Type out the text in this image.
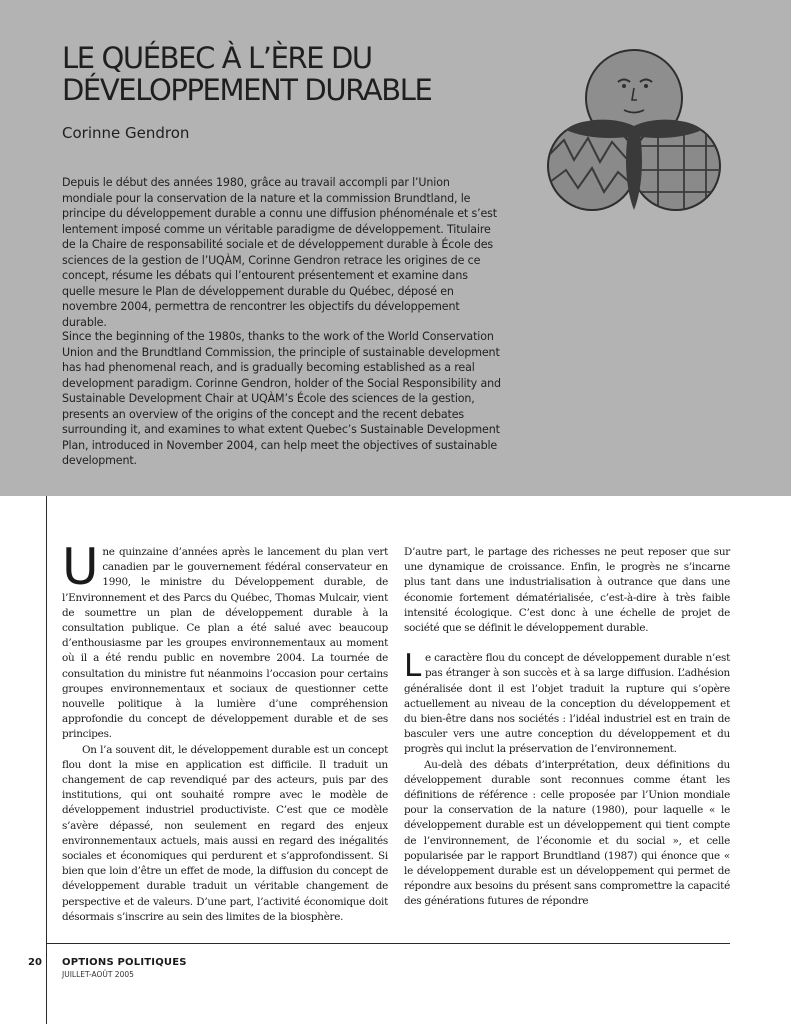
LE QUÉBEC À L’ÈRE DU
DÉVELOPPEMENT DURABLE
Corinne Gendron

Depuis le début des années 1980, grâce au travail accompli par l’Union mondiale pour la conservation de la nature et la commission Brundtland, le principe du développement durable a connu une diffusion phénoménale et s’est lentement imposé comme un véritable paradigme de développement. Titulaire de la Chaire de responsabilité sociale et de développement durable à École des sciences de la gestion de l’UQÀM, Corinne Gendron retrace les origines de ce concept, résume les débats qui l’entourent présentement et examine dans quelle mesure le Plan de développement durable du Québec, déposé en novembre 2004, permettra de rencontrer les objectifs du développement durable.

Since the beginning of the 1980s, thanks to the work of the World Conservation Union and the Brundtland Commission, the principle of sustainable development has had phenomenal reach, and is gradually becoming established as a real development paradigm. Corinne Gendron, holder of the Social Responsibility and Sustainable Development Chair at UQÀM’s École des sciences de la gestion, presents an overview of the origins of the concept and the recent debates surrounding it, and examines to what extent Quebec’s Sustainable Development Plan, introduced in November 2004, can help meet the objectives of sustainable development.

Une quinzaine d’années après le lancement du plan vert canadien par le gouvernement fédéral conservateur en 1990, le ministre du Développement durable, de l’Environnement et des Parcs du Québec, Thomas Mulcair, vient de soumettre un plan de développement durable à la consultation publique. Ce plan a été salué avec beaucoup d’enthousiasme par les groupes environnementaux au moment où il a été rendu public en novembre 2004. La tournée de consultation du ministre fut néanmoins l’occasion pour certains groupes environnementaux et sociaux de questionner cette nouvelle politique à la lumière d’une compréhension approfondie du concept de développement durable et de ses principes.

On l’a souvent dit, le développement durable est un concept flou dont la mise en application est difficile. Il traduit un changement de cap revendiqué par des acteurs, puis par des institutions, qui ont souhaité rompre avec le modèle de développement industriel productiviste. C’est que ce modèle s’avère dépassé, non seulement en regard des enjeux environnementaux actuels, mais aussi en regard des inégalités sociales et économiques qui perdurent et s’approfondissent. Si bien que loin d’être un effet de mode, la diffusion du concept de développement durable traduit un véritable changement de perspective et de valeurs. D’une part, l’activité économique doit désormais s’inscrire au sein des limites de la biosphère.

D’autre part, le partage des richesses ne peut reposer que sur une dynamique de croissance. Enfin, le progrès ne s’incarne plus tant dans une industrialisation à outrance que dans une économie fortement dématérialisée, c’est-à-dire à très faible intensité écologique. C’est donc à une échelle de projet de société que se définit le développement durable.

Le caractère flou du concept de développement durable n’est pas étranger à son succès et à sa large diffusion. L’adhésion généralisée dont il est l’objet traduit la rupture qui s’opère actuellement au niveau de la conception du développement et du bien-être dans nos sociétés : l’idéal industriel est en train de basculer vers une autre conception du développement et du progrès qui inclut la préservation de l’environnement.

Au-delà des débats d’interprétation, deux définitions du développement durable sont reconnues comme étant les définitions de référence : celle proposée par l’Union mondiale pour la conservation de la nature (1980), pour laquelle « le développement durable est un développement qui tient compte de l’environnement, de l’économie et du social », et celle popularisée par le rapport Brundtland (1987) qui énonce que « le développement durable est un développement qui permet de répondre aux besoins du présent sans compromettre la capacité des générations futures de répondre

20 OPTIONS POLITIQUES
JUILLET-AOÛT 2005
